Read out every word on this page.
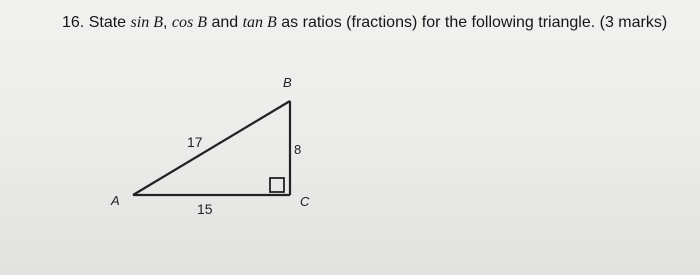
16. State sin B, cos B and tan B as ratios (fractions) for the following triangle. (3 marks)
A
B
C
17	8
15
